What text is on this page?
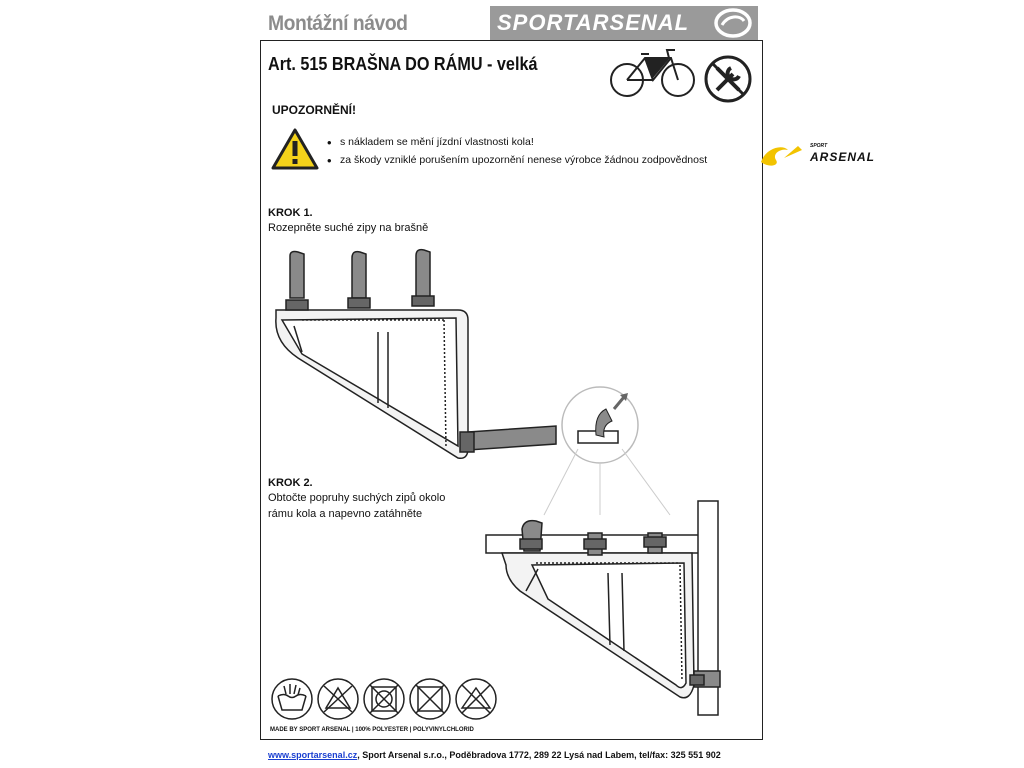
Montážní návod	SPORTARSENAL
Art. 515 BRAŠNA DO RÁMU - velká
UPOZORNĚNÍ!
• s nákladem se mění jízdní vlastnosti kola!
• za škody vzniklé porušením upozornění nenese výrobce žádnou zodpovědnost
SPORT
ARSENAL
KROK 1.
Rozepněte suché zipy na brašně
KROK 2.
Obtočte popruhy suchých zipů okolo
rámu kola a napevno zatáhněte
MADE BY SPORT ARSENAL | 100% POLYESTER | POLYVINYLCHLORID
www.sportarsenal.cz, Sport Arsenal s.r.o., Poděbradova 1772, 289 22 Lysá nad Labem, tel/fax: 325 551 902
